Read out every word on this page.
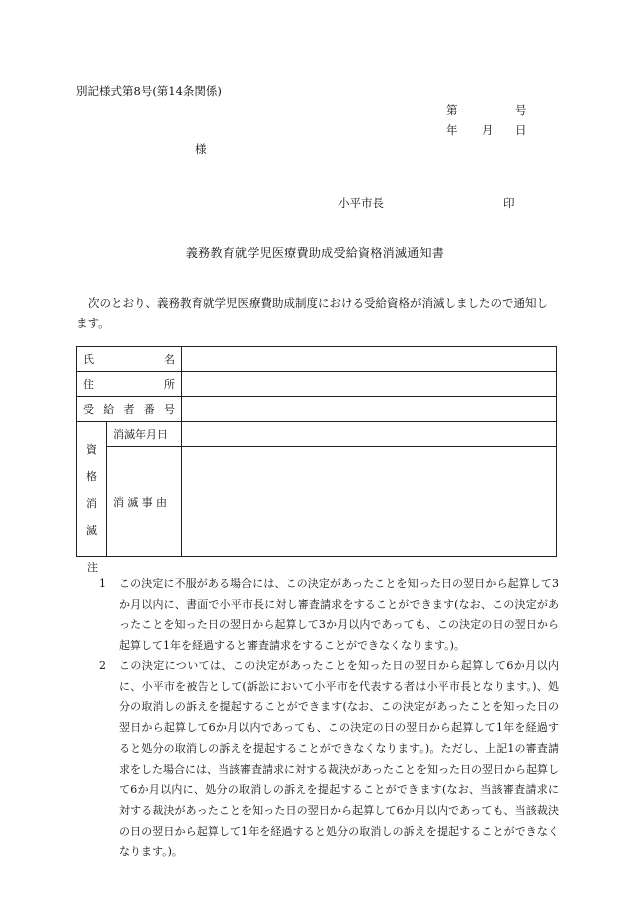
別記様式第8号(第14条関係)
第	号
年 月 日
様
小平市長	印
義務教育就学児医療費助成受給資格消滅通知書
次のとおり、義務教育就学児医療費助成制度における受給資格が消滅しましたので通知します。
氏 名		

住 所		

受 給 者 番 号		

資
格
消
滅	消滅年月日	

	消 滅 事 由	

注
1 この決定に不服がある場合には、この決定があったことを知った日の翌日から起算して3か月以内に、書面で小平市長に対し審査請求をすることができます(なお、この決定があったことを知った日の翌日から起算して3か月以内であっても、この決定の日の翌日から起算して1年を経過すると審査請求をすることができなくなります。)。
2 この決定については、この決定があったことを知った日の翌日から起算して6か月以内に、小平市を被告として(訴訟において小平市を代表する者は小平市長となります。)、処分の取消しの訴えを提起することができます(なお、この決定があったことを知った日の翌日から起算して6か月以内であっても、この決定の日の翌日から起算して1年を経過すると処分の取消しの訴えを提起することができなくなります。)。ただし、上記1の審査請求をした場合には、当該審査請求に対する裁決があったことを知った日の翌日から起算して6か月以内に、処分の取消しの訴えを提起することができます(なお、当該審査請求に対する裁決があったことを知った日の翌日から起算して6か月以内であっても、当該裁決の日の翌日から起算して1年を経過すると処分の取消しの訴えを提起することができなくなります。)。
